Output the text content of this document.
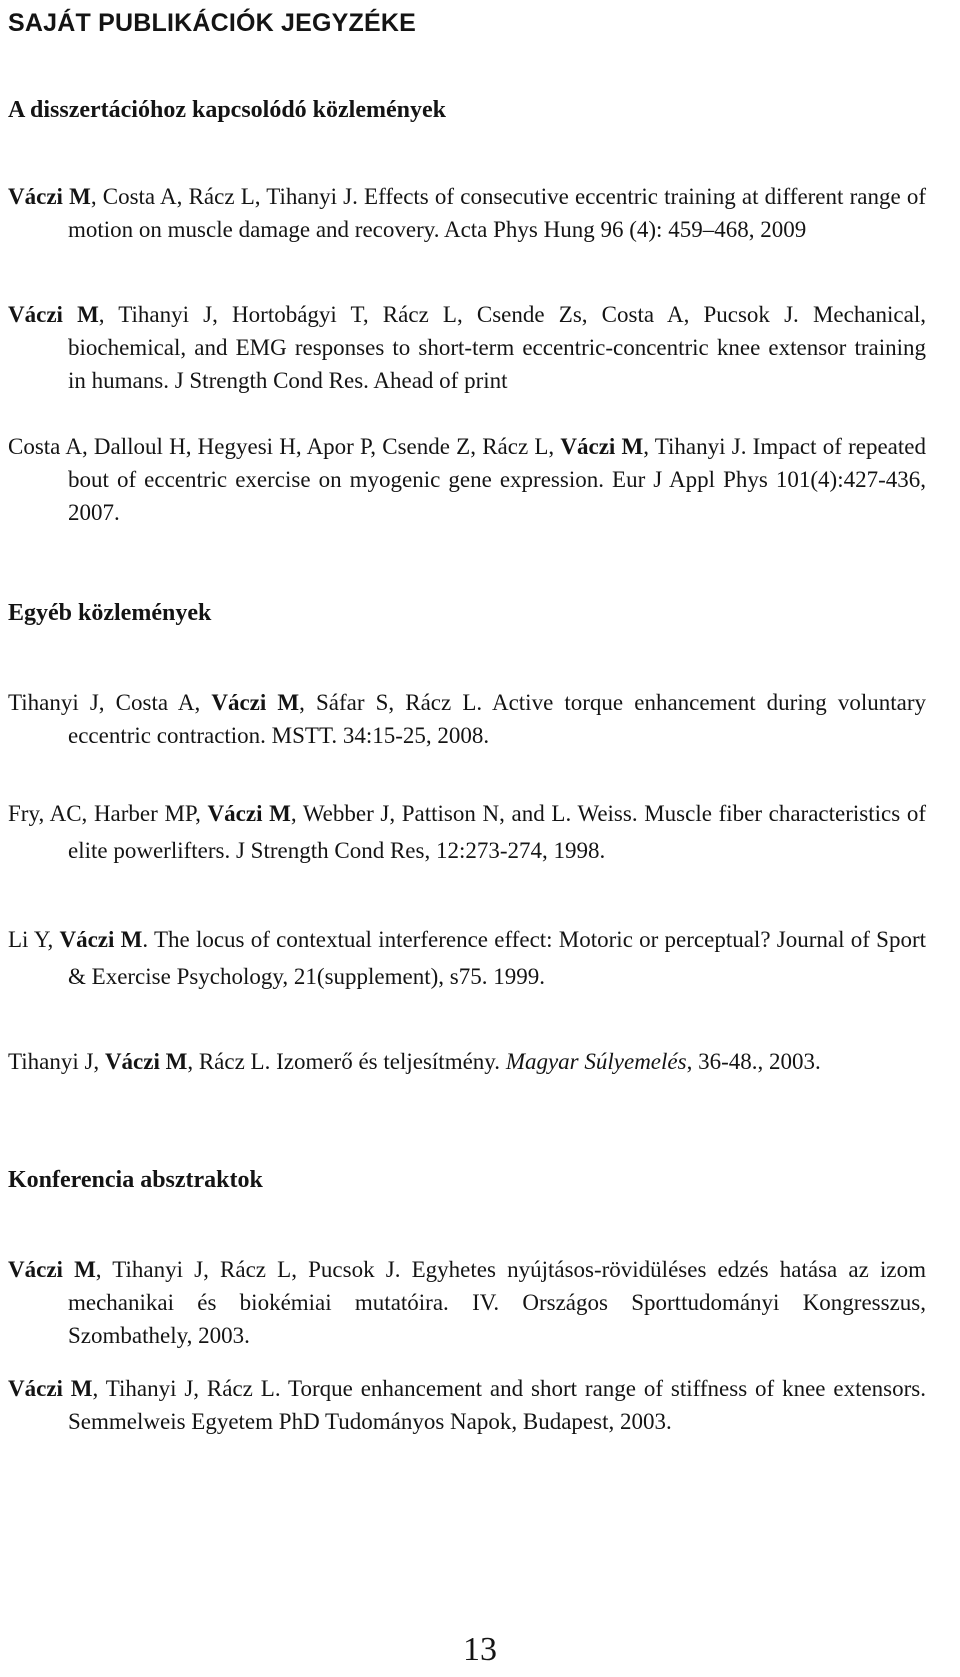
SAJÁT PUBLIKÁCIÓK JEGYZÉKE
A disszertációhoz kapcsolódó közlemények

Váczi M, Costa A, Rácz L, Tihanyi J. Effects of consecutive eccentric training at different range of motion on muscle damage and recovery. Acta Phys Hung 96 (4): 459–468, 2009

Váczi M, Tihanyi J, Hortobágyi T, Rácz L, Csende Zs, Costa A, Pucsok J. Mechanical, biochemical, and EMG responses to short-term eccentric-concentric knee extensor training in humans. J Strength Cond Res. Ahead of print

Costa A, Dalloul H, Hegyesi H, Apor P, Csende Z, Rácz L, Váczi M, Tihanyi J. Impact of repeated bout of eccentric exercise on myogenic gene expression. Eur J Appl Phys 101(4):427-436, 2007.

Egyéb közlemények

Tihanyi J, Costa A, Váczi M, Sáfar S, Rácz L. Active torque enhancement during voluntary eccentric contraction. MSTT. 34:15-25, 2008.

Fry, AC, Harber MP, Váczi M, Webber J, Pattison N, and L. Weiss. Muscle fiber characteristics of elite powerlifters. J Strength Cond Res, 12:273-274, 1998.

Li Y, Váczi M. The locus of contextual interference effect: Motoric or perceptual? Journal of Sport & Exercise Psychology, 21(supplement), s75. 1999.

Tihanyi J, Váczi M, Rácz L. Izomerő és teljesítmény. Magyar Súlyemelés, 36-48., 2003.

Konferencia absztraktok

Váczi M, Tihanyi J, Rácz L, Pucsok J. Egyhetes nyújtásos-rövidüléses edzés hatása az izom mechanikai és biokémiai mutatóira. IV. Országos Sporttudományi Kongresszus, Szombathely, 2003.

Váczi M, Tihanyi J, Rácz L. Torque enhancement and short range of stiffness of knee extensors. Semmelweis Egyetem PhD Tudományos Napok, Budapest, 2003.

13
